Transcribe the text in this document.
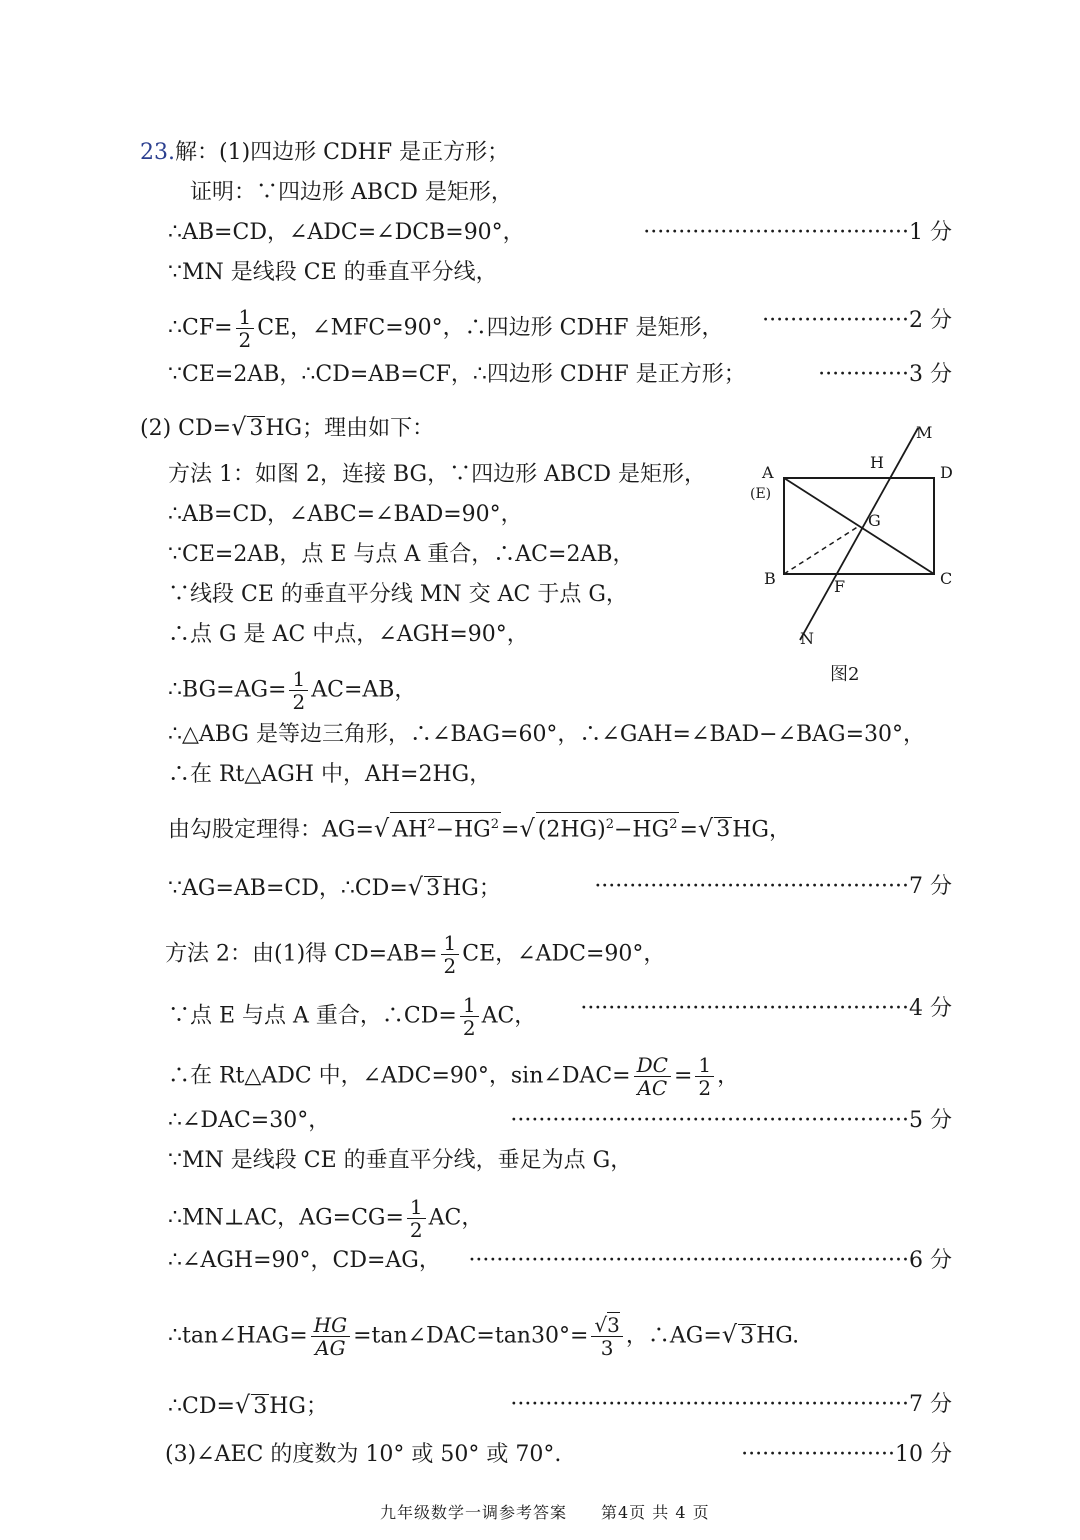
23.解：(1)四边形 CDHF 是正方形；
证明：∵四边形 ABCD 是矩形，
∴AB=CD，∠ADC=∠DCB=90°，	······································1 分
∵MN 是线段 CE 的垂直平分线，
∴CF= $\frac{1}{2}$ CE，∠MFC=90°，∴四边形 CDHF 是矩形， ·····················2 分
∵CE=2AB，∴CD=AB=CF，∴四边形 CDHF 是正方形；	·············3 分
(2) CD=√ 3HG；理由如下：
方法 1：如图 2，连接 BG，∵四边形 ABCD 是矩形，
∴AB=CD，∠ABC=∠BAD=90°，
∵CE=2AB，点 E 与点 A 重合，∴AC=2AB，
∵线段 CE 的垂直平分线 MN 交 AC 于点 G，
∴点 G 是 AC 中点，∠AGH=90°，
∴BG=AG= $\frac{1}{2} AC=AB$，
A
(E)
D
B	C
H
G
F
M
N
图2
∴△ABG 是等边三角形，∴∠BAG=60°，∴∠GAH=∠BAD−∠BAG=30°，
∴在 Rt△AGH 中，AH=2HG，
由勾股定理得：AG=√ $AH^2-HG^2=√$ $(2HG)^2-HG^2=√$ 3HG，
∵AG=AB=CD，∴CD=√ 3HG；	·············································7 分
方法 2：由(1)得 $CD=AB= \frac{1}{2}$ CE，∠ADC=90°，
∵点 E 与点 A 重合，∴CD= $\frac{1}{2}$ AC， ···············································4 分
∴在 Rt△ADC 中，∠ADC=90°，sin∠DAC= $\frac{DC}{AC} = \frac{1}{2}$ ，
∴∠DAC=30°，	·························································5 分
∵MN 是线段 CE 的垂直平分线，垂足为点 G，
∴MN⊥AC，$AG=CG= \frac{1}{2}$ AC，
∴∠AGH=90°，CD=AG， ·······························································6 分
∴tan∠HAG= $\frac{HG}{AG}$ =tan∠DAC=tan30°= $\frac{√3}{3}$ ，∴AG=√ 3HG.
∴CD=√ 3HG；	·························································7 分
(3)∠AEC 的度数为 10° 或 50° 或 70°.	······················10 分
九年级数学一调参考答案　　第4页 共 4 页
